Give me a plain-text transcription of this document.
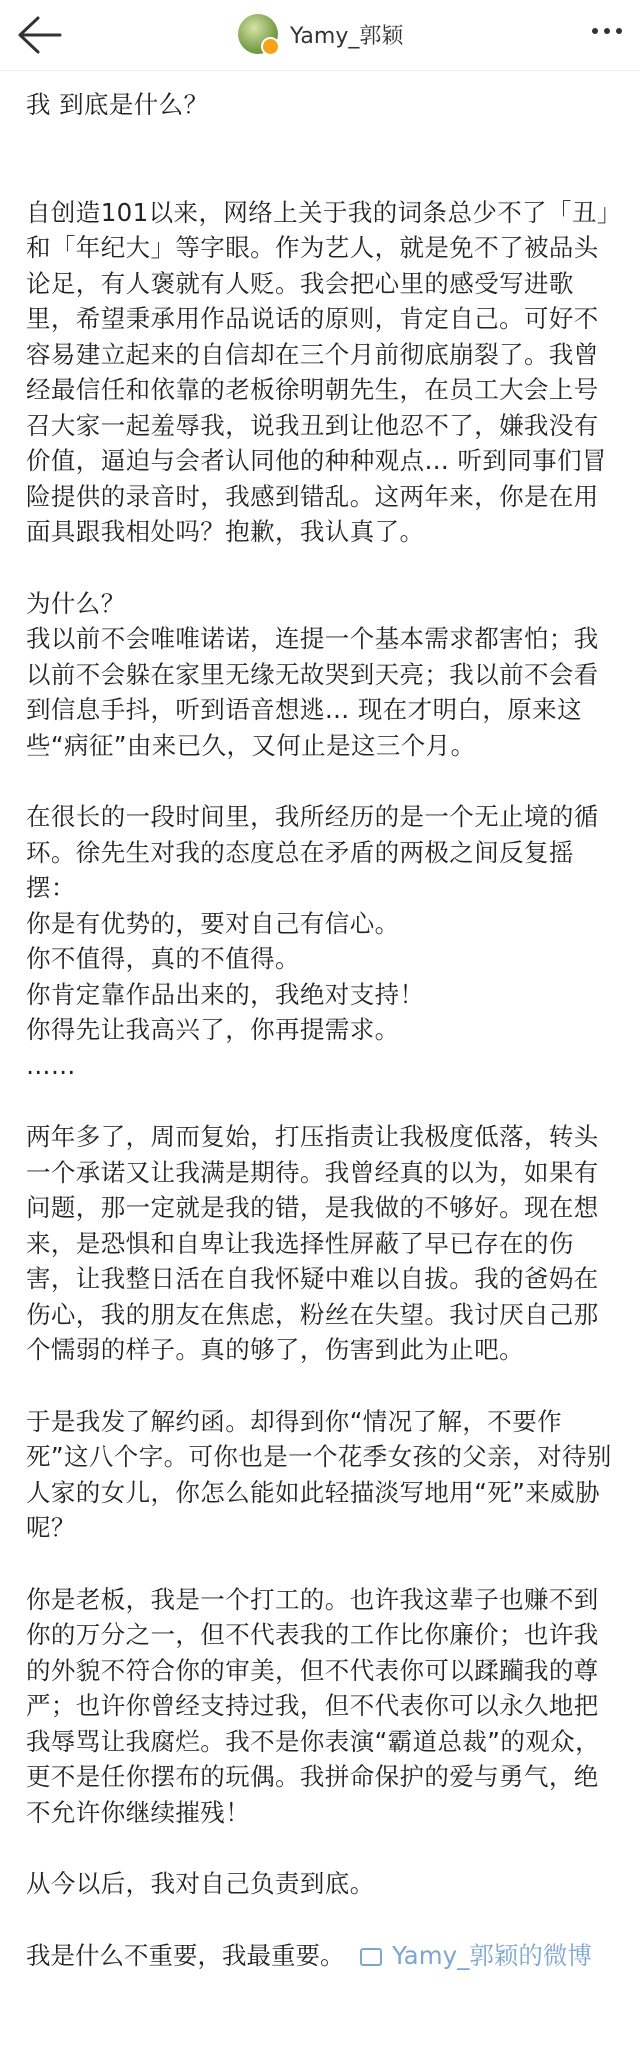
Yamy_郭颖

我 到底是什么？

自创造101以来，网络上关于我的词条总少不了「丑」和「年纪大」等字眼。作为艺人，就是免不了被品头论足，有人褒就有人贬。我会把心里的感受写进歌里，希望秉承用作品说话的原则，肯定自己。可好不容易建立起来的自信却在三个月前彻底崩裂了。我曾经最信任和依靠的老板徐明朝先生，在员工大会上号召大家一起羞辱我，说我丑到让他忍不了，嫌我没有价值，逼迫与会者认同他的种种观点… 听到同事们冒险提供的录音时，我感到错乱。这两年来，你是在用面具跟我相处吗？抱歉，我认真了。

为什么？

我以前不会唯唯诺诺，连提一个基本需求都害怕；我以前不会躲在家里无缘无故哭到天亮；我以前不会看到信息手抖，听到语音想逃… 现在才明白，原来这些“病征”由来已久，又何止是这三个月。

在很长的一段时间里，我所经历的是一个无止境的循环。徐先生对我的态度总在矛盾的两极之间反复摇摆：

你是有优势的，要对自己有信心。

你不值得，真的不值得。

你肯定靠作品出来的，我绝对支持！

你得先让我高兴了，你再提需求。

……

两年多了，周而复始，打压指责让我极度低落，转头一个承诺又让我满是期待。我曾经真的以为，如果有问题，那一定就是我的错，是我做的不够好。现在想来，是恐惧和自卑让我选择性屏蔽了早已存在的伤害，让我整日活在自我怀疑中难以自拔。我的爸妈在伤心，我的朋友在焦虑，粉丝在失望。我讨厌自己那个懦弱的样子。真的够了，伤害到此为止吧。

于是我发了解约函。却得到你“情况了解，不要作死”这八个字。可你也是一个花季女孩的父亲，对待别人家的女儿，你怎么能如此轻描淡写地用“死”来威胁呢？

你是老板，我是一个打工的。也许我这辈子也赚不到你的万分之一，但不代表我的工作比你廉价；也许我的外貌不符合你的审美，但不代表你可以蹂躏我的尊严；也许你曾经支持过我，但不代表你可以永久地把我辱骂让我腐烂。我不是你表演“霸道总裁”的观众，更不是任你摆布的玩偶。我拼命保护的爱与勇气，绝不允许你继续摧残！

从今以后，我对自己负责到底。

我是什么不重要，我最重要。 Yamy_郭颖的微博
